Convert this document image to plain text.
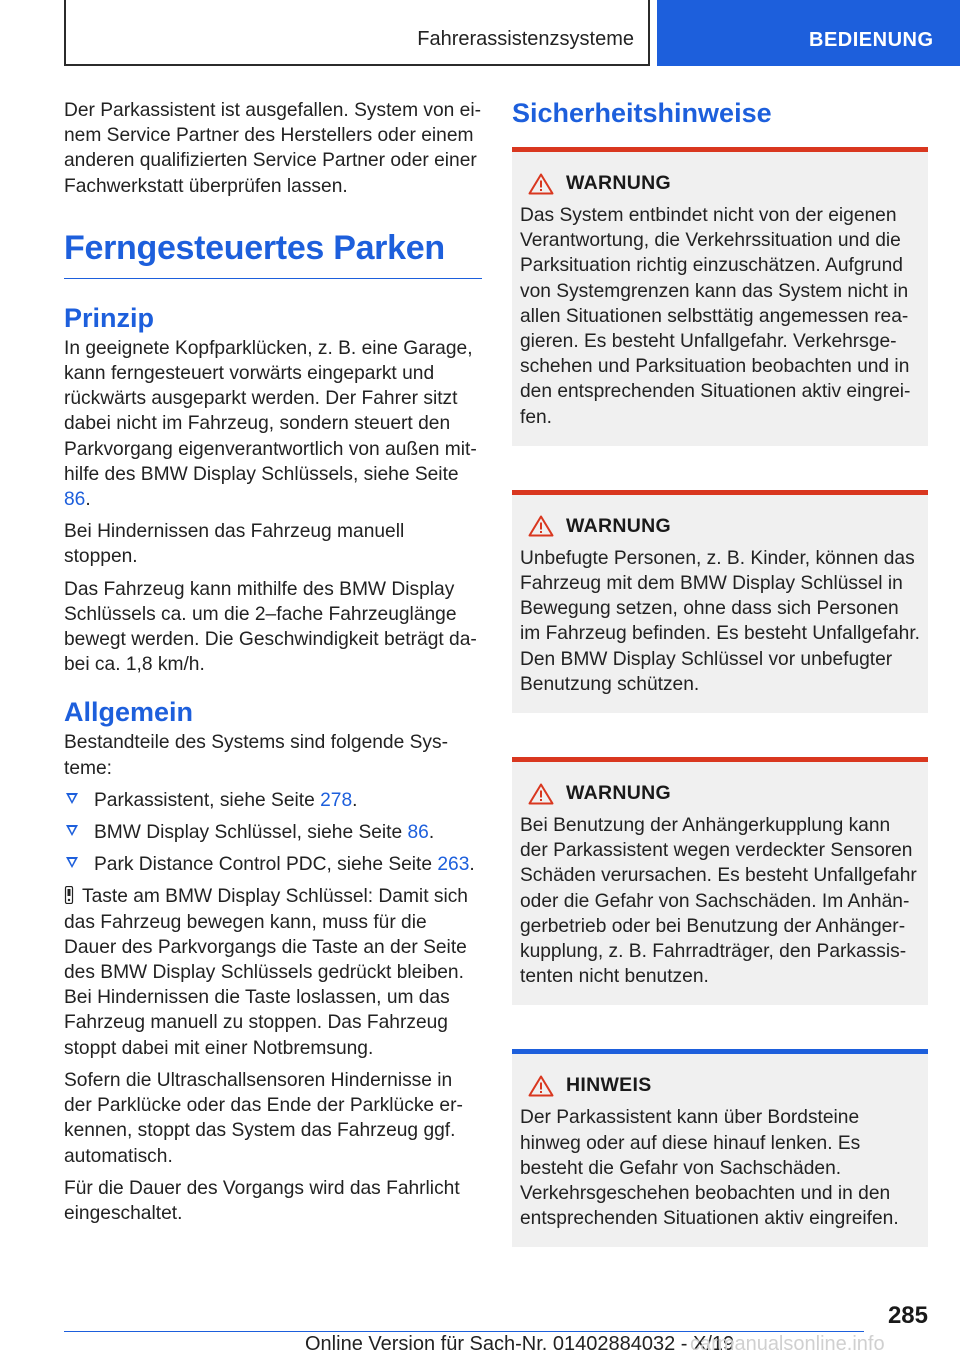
Fahrerassistenzsysteme	BEDIENUNG

Der Parkassistent ist ausgefallen. System von einem Service Partner des Herstellers oder einem anderen qualifizierten Service Partner oder einer Fachwerkstatt überprüfen lassen.

Ferngesteuertes Parken
Prinzip

In geeignete Kopfparklücken, z. B. eine Garage, kann ferngesteuert vorwärts eingeparkt und rückwärts ausgeparkt werden. Der Fahrer sitzt dabei nicht im Fahrzeug, sondern steuert den Parkvorgang eigenverantwortlich von außen mithilfe des BMW Display Schlüssels, siehe Seite 86.

Bei Hindernissen das Fahrzeug manuell stoppen.

Das Fahrzeug kann mithilfe des BMW Display Schlüssels ca. um die 2–fache Fahrzeuglänge bewegt werden. Die Geschwindigkeit beträgt dabei ca. 1,8 km/h.

Allgemein

Bestandteile des Systems sind folgende Systeme:

Parkassistent, siehe Seite 278.
BMW Display Schlüssel, siehe Seite 86.
Park Distance Control PDC, siehe Seite 263.

Taste am BMW Display Schlüssel: Damit sich das Fahrzeug bewegen kann, muss für die Dauer des Parkvorgangs die Taste an der Seite des BMW Display Schlüssels gedrückt bleiben. Bei Hindernissen die Taste loslassen, um das Fahrzeug manuell zu stoppen. Das Fahrzeug stoppt dabei mit einer Notbremsung.

Sofern die Ultraschallsensoren Hindernisse in der Parklücke oder das Ende der Parklücke erkennen, stoppt das System das Fahrzeug ggf. automatisch.

Für die Dauer des Vorgangs wird das Fahrlicht eingeschaltet.

Sicherheitshinweise
WARNUNG
Das System entbindet nicht von der eigenen Verantwortung, die Verkehrssituation und die Parksituation richtig einzuschätzen. Aufgrund von Systemgrenzen kann das System nicht in allen Situationen selbsttätig angemessen reagieren. Es besteht Unfallgefahr. Verkehrsgeschehen und Parksituation beobachten und in den entsprechenden Situationen aktiv eingreifen.
WARNUNG
Unbefugte Personen, z. B. Kinder, können das Fahrzeug mit dem BMW Display Schlüssel in Bewegung setzen, ohne dass sich Personen im Fahrzeug befinden. Es besteht Unfallgefahr. Den BMW Display Schlüssel vor unbefugter Benutzung schützen.
WARNUNG
Bei Benutzung der Anhängerkupplung kann der Parkassistent wegen verdeckter Sensoren Schäden verursachen. Es besteht Unfallgefahr oder die Gefahr von Sachschäden. Im Anhängerbetrieb oder bei Benutzung der Anhängerkupplung, z. B. Fahrradträger, den Parkassistenten nicht benutzen.
HINWEIS
Der Parkassistent kann über Bordsteine hinweg oder auf diese hinauf lenken. Es besteht die Gefahr von Sachschäden. Verkehrsgeschehen beobachten und in den entsprechenden Situationen aktiv eingreifen.
285
Online Version für Sach-Nr. 01402884032 - X/19
carmanualsonline.info
